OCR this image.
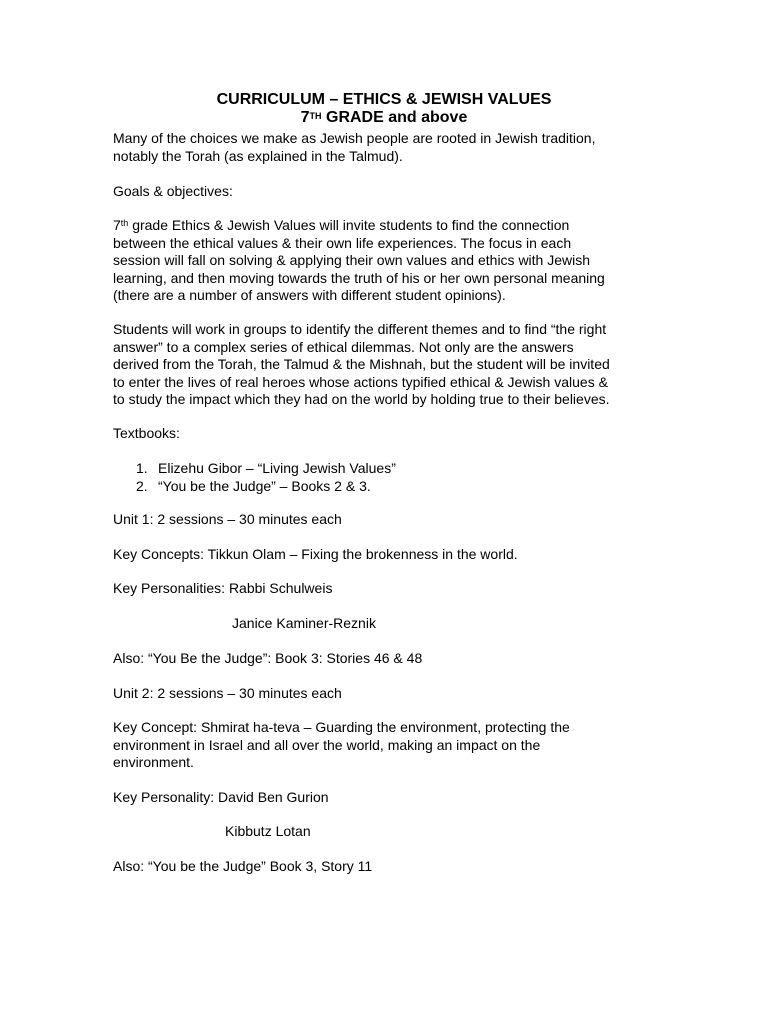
CURRICULUM – ETHICS & JEWISH VALUES
7TH GRADE and above
Many of the choices we make as Jewish people are rooted in Jewish tradition,
notably the Torah (as explained in the Talmud).
Goals & objectives:
7th grade Ethics & Jewish Values will invite students to find the connection
between the ethical values & their own life experiences. The focus in each
session will fall on solving & applying their own values and ethics with Jewish
learning, and then moving towards the truth of his or her own personal meaning
(there are a number of answers with different student opinions).
Students will work in groups to identify the different themes and to find “the right
answer” to a complex series of ethical dilemmas. Not only are the answers
derived from the Torah, the Talmud & the Mishnah, but the student will be invited
to enter the lives of real heroes whose actions typified ethical & Jewish values &
to study the impact which they had on the world by holding true to their believes.
Textbooks:
1. Elizehu Gibor – “Living Jewish Values”
2. “You be the Judge” – Books 2 & 3.
Unit 1: 2 sessions – 30 minutes each
Key Concepts: Tikkun Olam – Fixing the brokenness in the world.
Key Personalities: Rabbi Schulweis
Janice Kaminer-Reznik
Also: “You Be the Judge”: Book 3: Stories 46 & 48
Unit 2: 2 sessions – 30 minutes each
Key Concept: Shmirat ha-teva – Guarding the environment, protecting the
environment in Israel and all over the world, making an impact on the
environment.
Key Personality: David Ben Gurion
Kibbutz Lotan
Also: “You be the Judge” Book 3, Story 11
